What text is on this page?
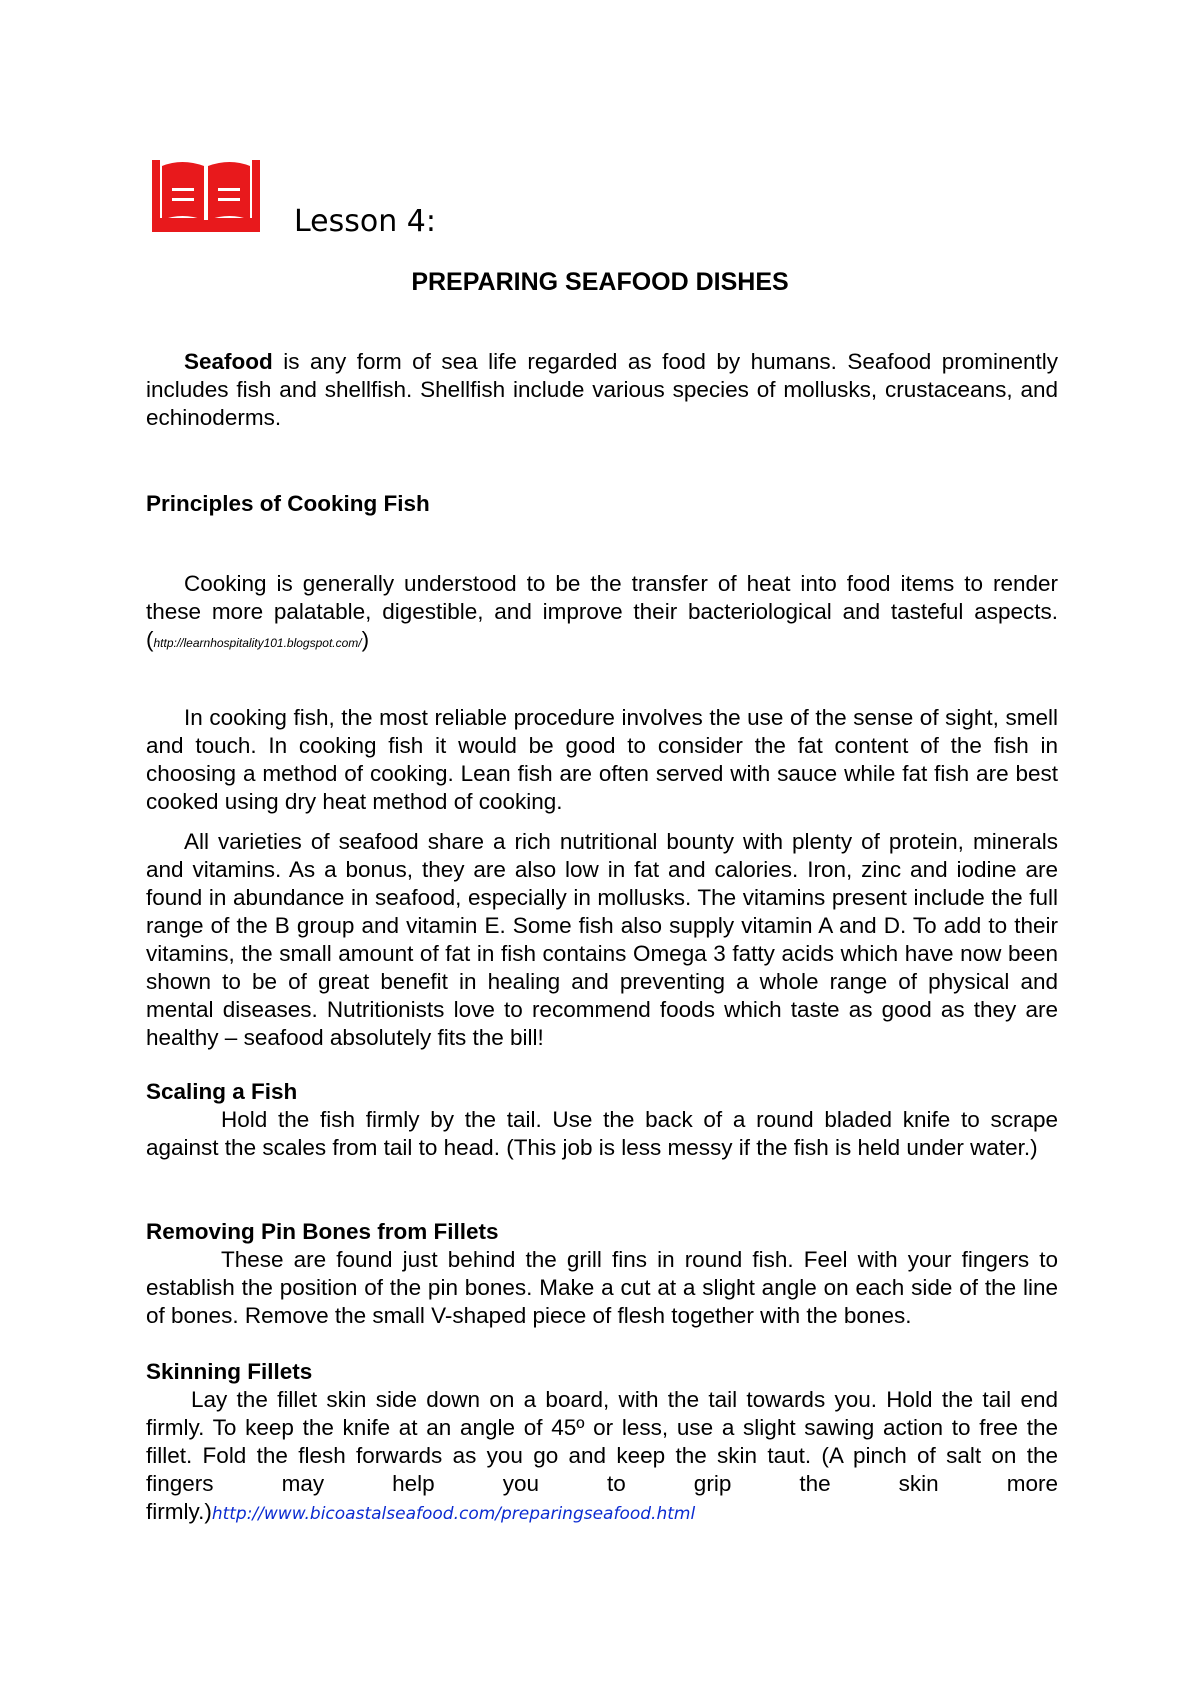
Lesson 4:
PREPARING SEAFOOD DISHES

Seafood is any form of sea life regarded as food by humans. Seafood prominently includes fish and shellfish. Shellfish include various species of mollusks, crustaceans, and echinoderms.

Principles of Cooking Fish

Cooking is generally understood to be the transfer of heat into food items to render these more palatable, digestible, and improve their bacteriological and tasteful aspects. (http://learnhospitality101.blogspot.com/)

In cooking fish, the most reliable procedure involves the use of the sense of sight, smell and touch. In cooking fish it would be good to consider the fat content of the fish in choosing a method of cooking. Lean fish are often served with sauce while fat fish are best cooked using dry heat method of cooking.

All varieties of seafood share a rich nutritional bounty with plenty of protein, minerals and vitamins. As a bonus, they are also low in fat and calories. Iron, zinc and iodine are found in abundance in seafood, especially in mollusks. The vitamins present include the full range of the B group and vitamin E. Some fish also supply vitamin A and D. To add to their vitamins, the small amount of fat in fish contains Omega 3 fatty acids which have now been shown to be of great benefit in healing and preventing a whole range of physical and mental diseases. Nutritionists love to recommend foods which taste as good as they are healthy – seafood absolutely fits the bill!

Scaling a Fish

Hold the fish firmly by the tail. Use the back of a round bladed knife to scrape against the scales from tail to head. (This job is less messy if the fish is held under water.)

Removing Pin Bones from Fillets

These are found just behind the grill fins in round fish. Feel with your fingers to establish the position of the pin bones. Make a cut at a slight angle on each side of the line of bones. Remove the small V-shaped piece of flesh together with the bones.

Skinning Fillets

Lay the fillet skin side down on a board, with the tail towards you. Hold the tail end firmly. To keep the knife at an angle of 45º or less, use a slight sawing action to free the fillet. Fold the flesh forwards as you go and keep the skin taut. (A pinch of salt on the fingers may help you to grip the skin more

firmly.)http://www.bicoastalseafood.com/preparingseafood.html
